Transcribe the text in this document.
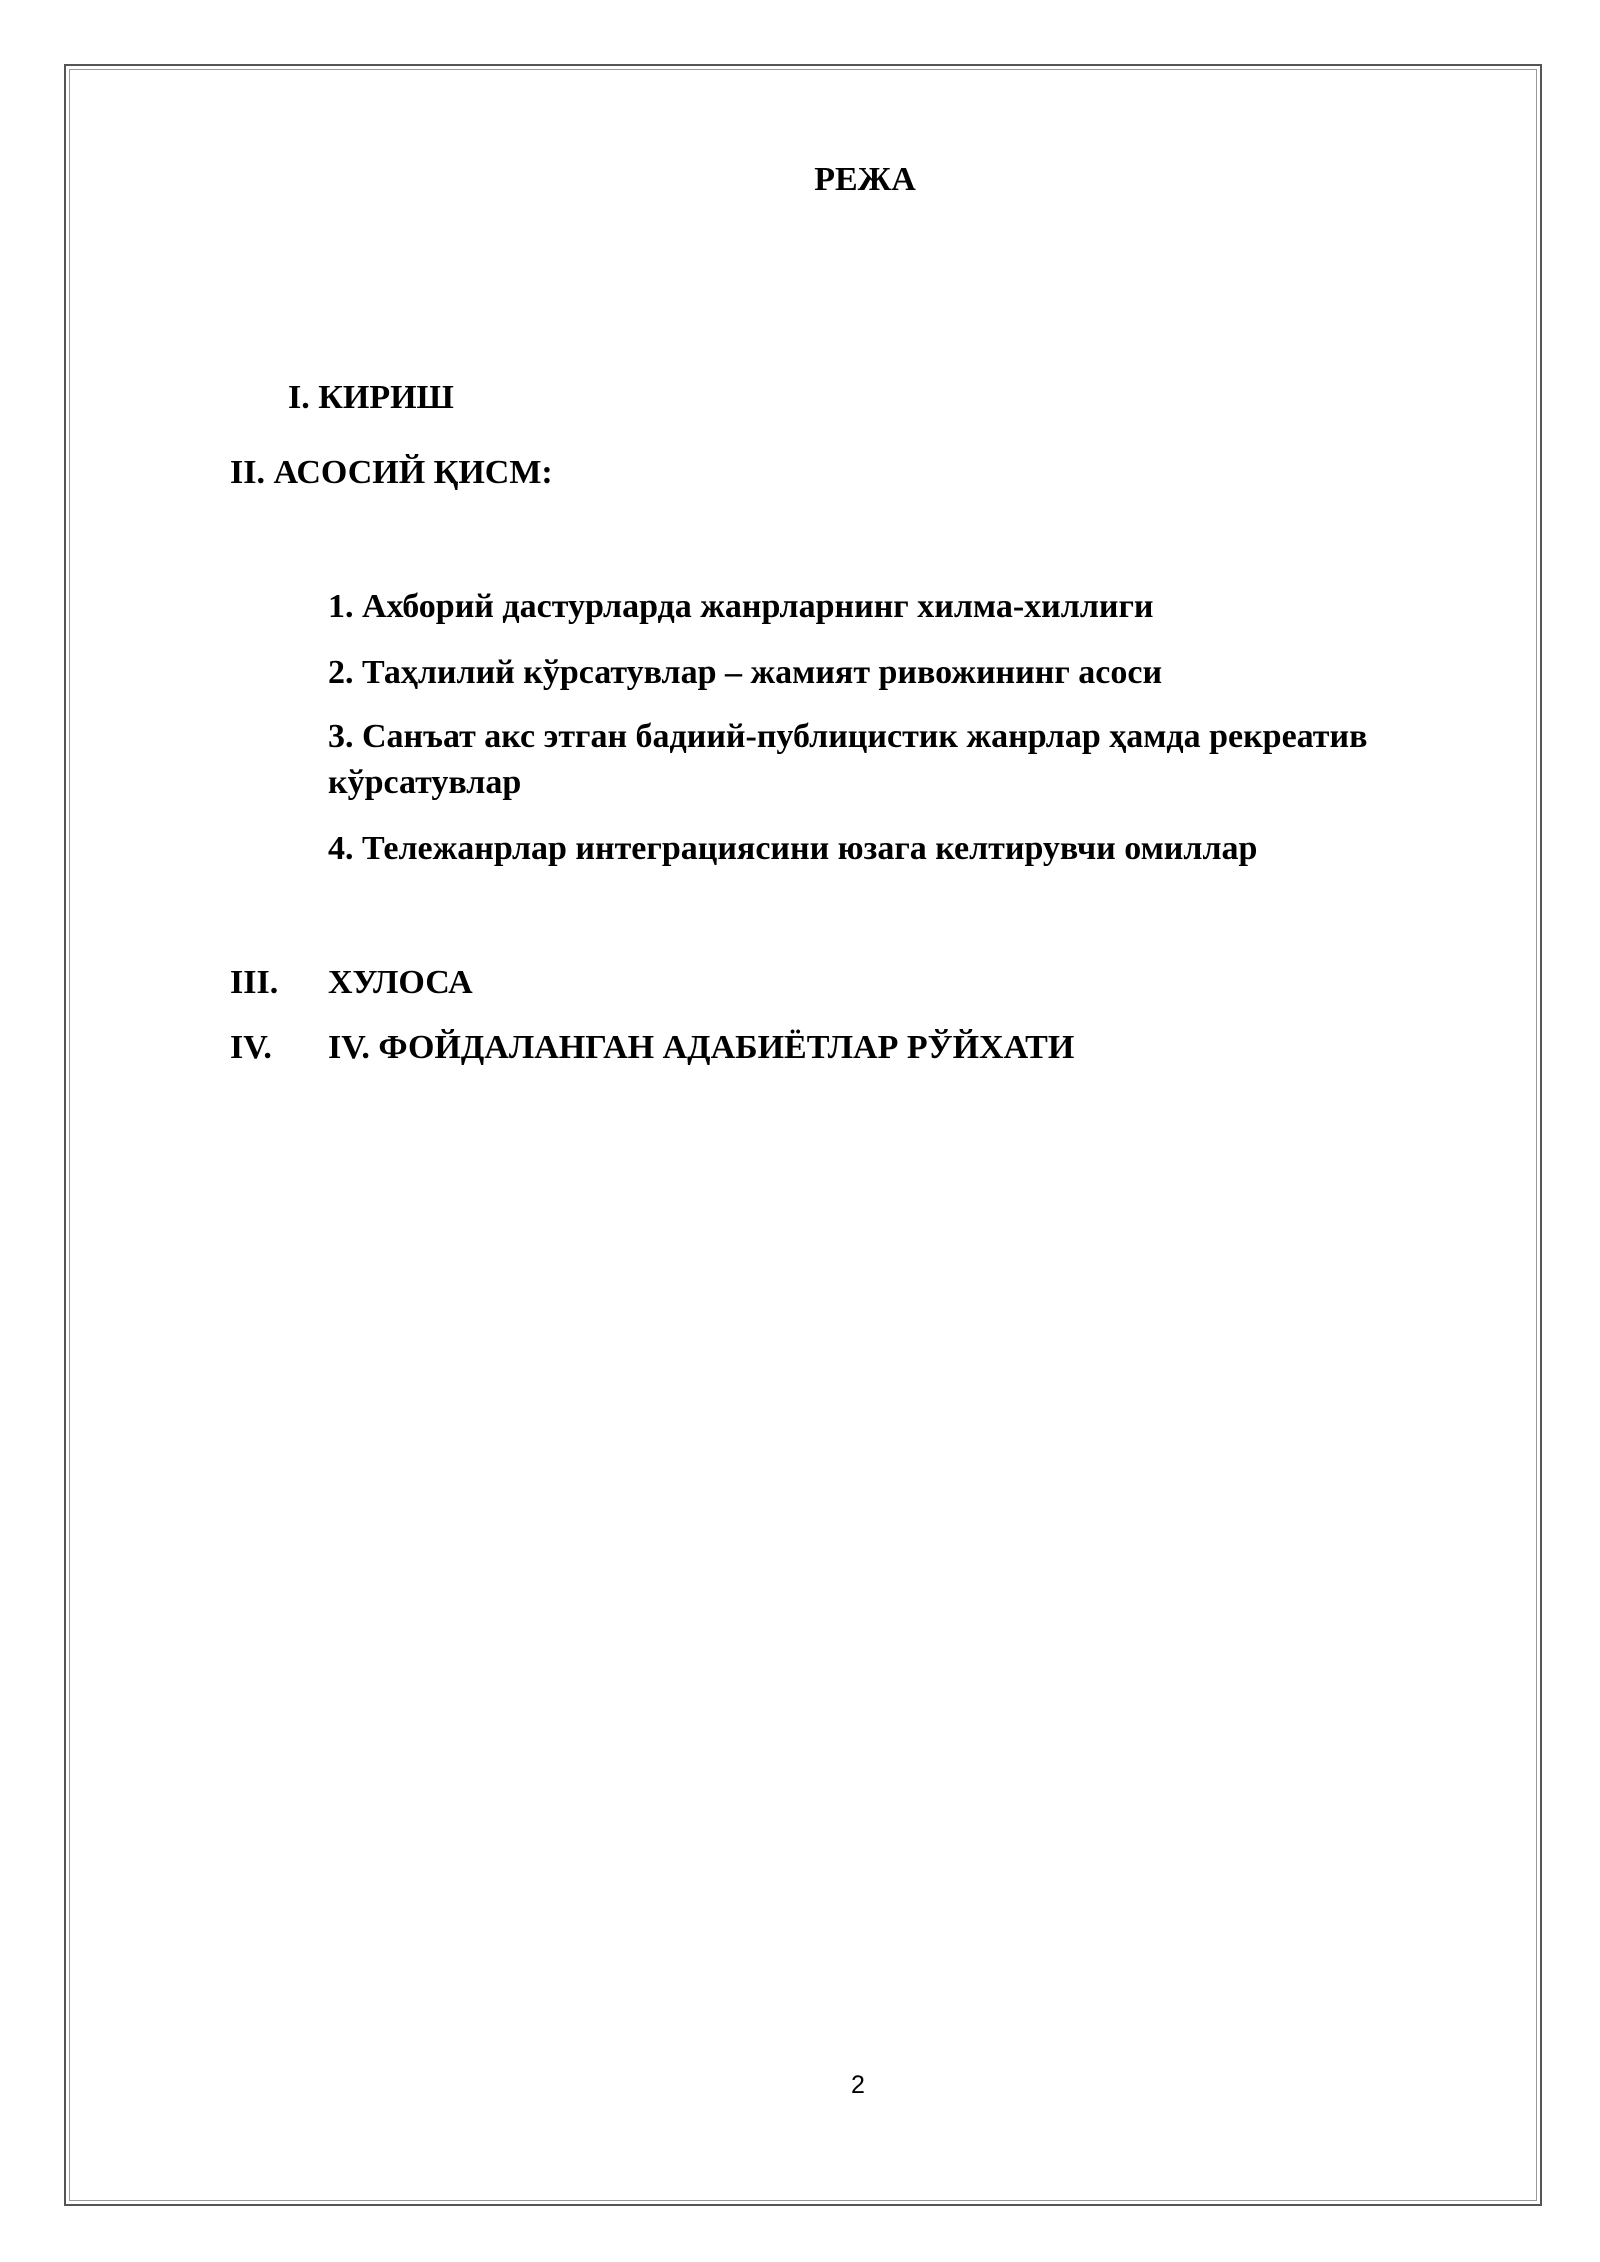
РЕЖА
I. КИРИШ
II. АСОСИЙ ҚИСМ:
1. Ахборий дастурларда жанрларнинг хилма-хиллиги
2. Таҳлилий кўрсатувлар – жамият ривожининг асоси
3. Санъат акс этган бадиий-публицистик жанрлар ҳамда рекреатив кўрсатувлар
4. Тележанрлар интеграциясини юзага келтирувчи омиллар
III.	ХУЛОСА
IV.	IV. ФОЙДАЛАНГАН АДАБИЁТЛАР РЎЙХАТИ
2
